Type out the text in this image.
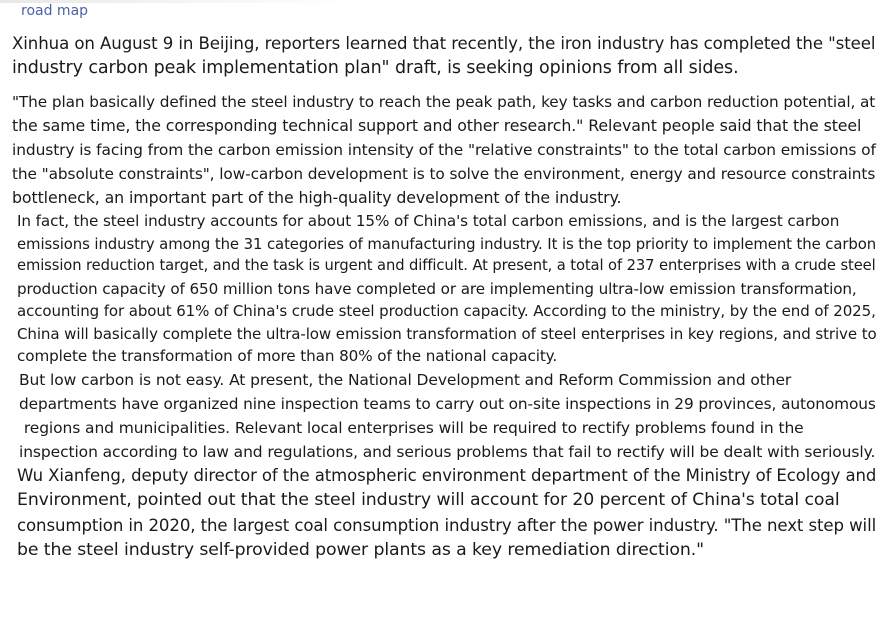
road map

Xinhua on August 9 in Beijing, reporters learned that recently, the iron industry has completed the "steel
industry carbon peak implementation plan" draft, is seeking opinions from all sides.

"The plan basically defined the steel industry to reach the peak path, key tasks and carbon reduction potential, at
the same time, the corresponding technical support and other research." Relevant people said that the steel
industry is facing from the carbon emission intensity of the "relative constraints" to the total carbon emissions of
the "absolute constraints", low-carbon development is to solve the environment, energy and resource constraints
bottleneck, an important part of the high-quality development of the industry.

In fact, the steel industry accounts for about 15% of China's total carbon emissions, and is the largest carbon
emissions industry among the 31 categories of manufacturing industry. It is the top priority to implement the carbon
emission reduction target, and the task is urgent and difficult. At present, a total of 237 enterprises with a crude steel
production capacity of 650 million tons have completed or are implementing ultra-low emission transformation,
accounting for about 61% of China's crude steel production capacity. According to the ministry, by the end of 2025,
China will basically complete the ultra-low emission transformation of steel enterprises in key regions, and strive to
complete the transformation of more than 80% of the national capacity.

But low carbon is not easy. At present, the National Development and Reform Commission and other
departments have organized nine inspection teams to carry out on-site inspections in 29 provinces, autonomous
regions and municipalities. Relevant local enterprises will be required to rectify problems found in the
inspection according to law and regulations, and serious problems that fail to rectify will be dealt with seriously.

Wu Xianfeng, deputy director of the atmospheric environment department of the Ministry of Ecology and
Environment, pointed out that the steel industry will account for 20 percent of China's total coal
consumption in 2020, the largest coal consumption industry after the power industry. "The next step will
be the steel industry self-provided power plants as a key remediation direction."
